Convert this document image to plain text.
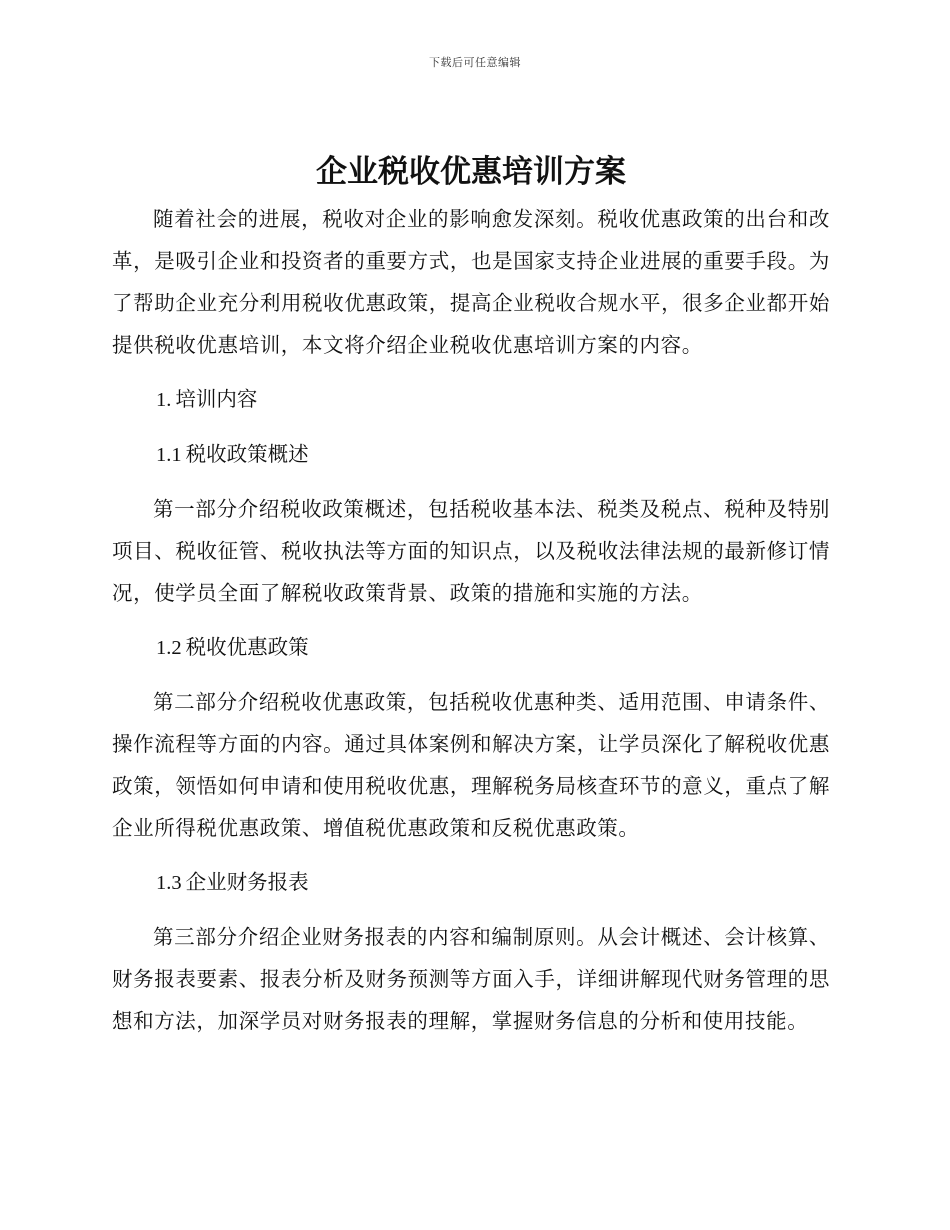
下载后可任意编辑
企业税收优惠培训方案

随着社会的进展，税收对企业的影响愈发深刻。税收优惠政策的出台和改革，是吸引企业和投资者的重要方式，也是国家支持企业进展的重要手段。为了帮助企业充分利用税收优惠政策，提高企业税收合规水平，很多企业都开始提供税收优惠培训，本文将介绍企业税收优惠培训方案的内容。

1. 培训内容
1.1 税收政策概述

第一部分介绍税收政策概述，包括税收基本法、税类及税点、税种及特别项目、税收征管、税收执法等方面的知识点，以及税收法律法规的最新修订情况，使学员全面了解税收政策背景、政策的措施和实施的方法。

1.2 税收优惠政策

第二部分介绍税收优惠政策，包括税收优惠种类、适用范围、申请条件、操作流程等方面的内容。通过具体案例和解决方案，让学员深化了解税收优惠政策，领悟如何申请和使用税收优惠，理解税务局核查环节的意义，重点了解企业所得税优惠政策、增值税优惠政策和反税优惠政策。

1.3 企业财务报表

第三部分介绍企业财务报表的内容和编制原则。从会计概述、会计核算、财务报表要素、报表分析及财务预测等方面入手，详细讲解现代财务管理的思想和方法，加深学员对财务报表的理解，掌握财务信息的分析和使用技能。
